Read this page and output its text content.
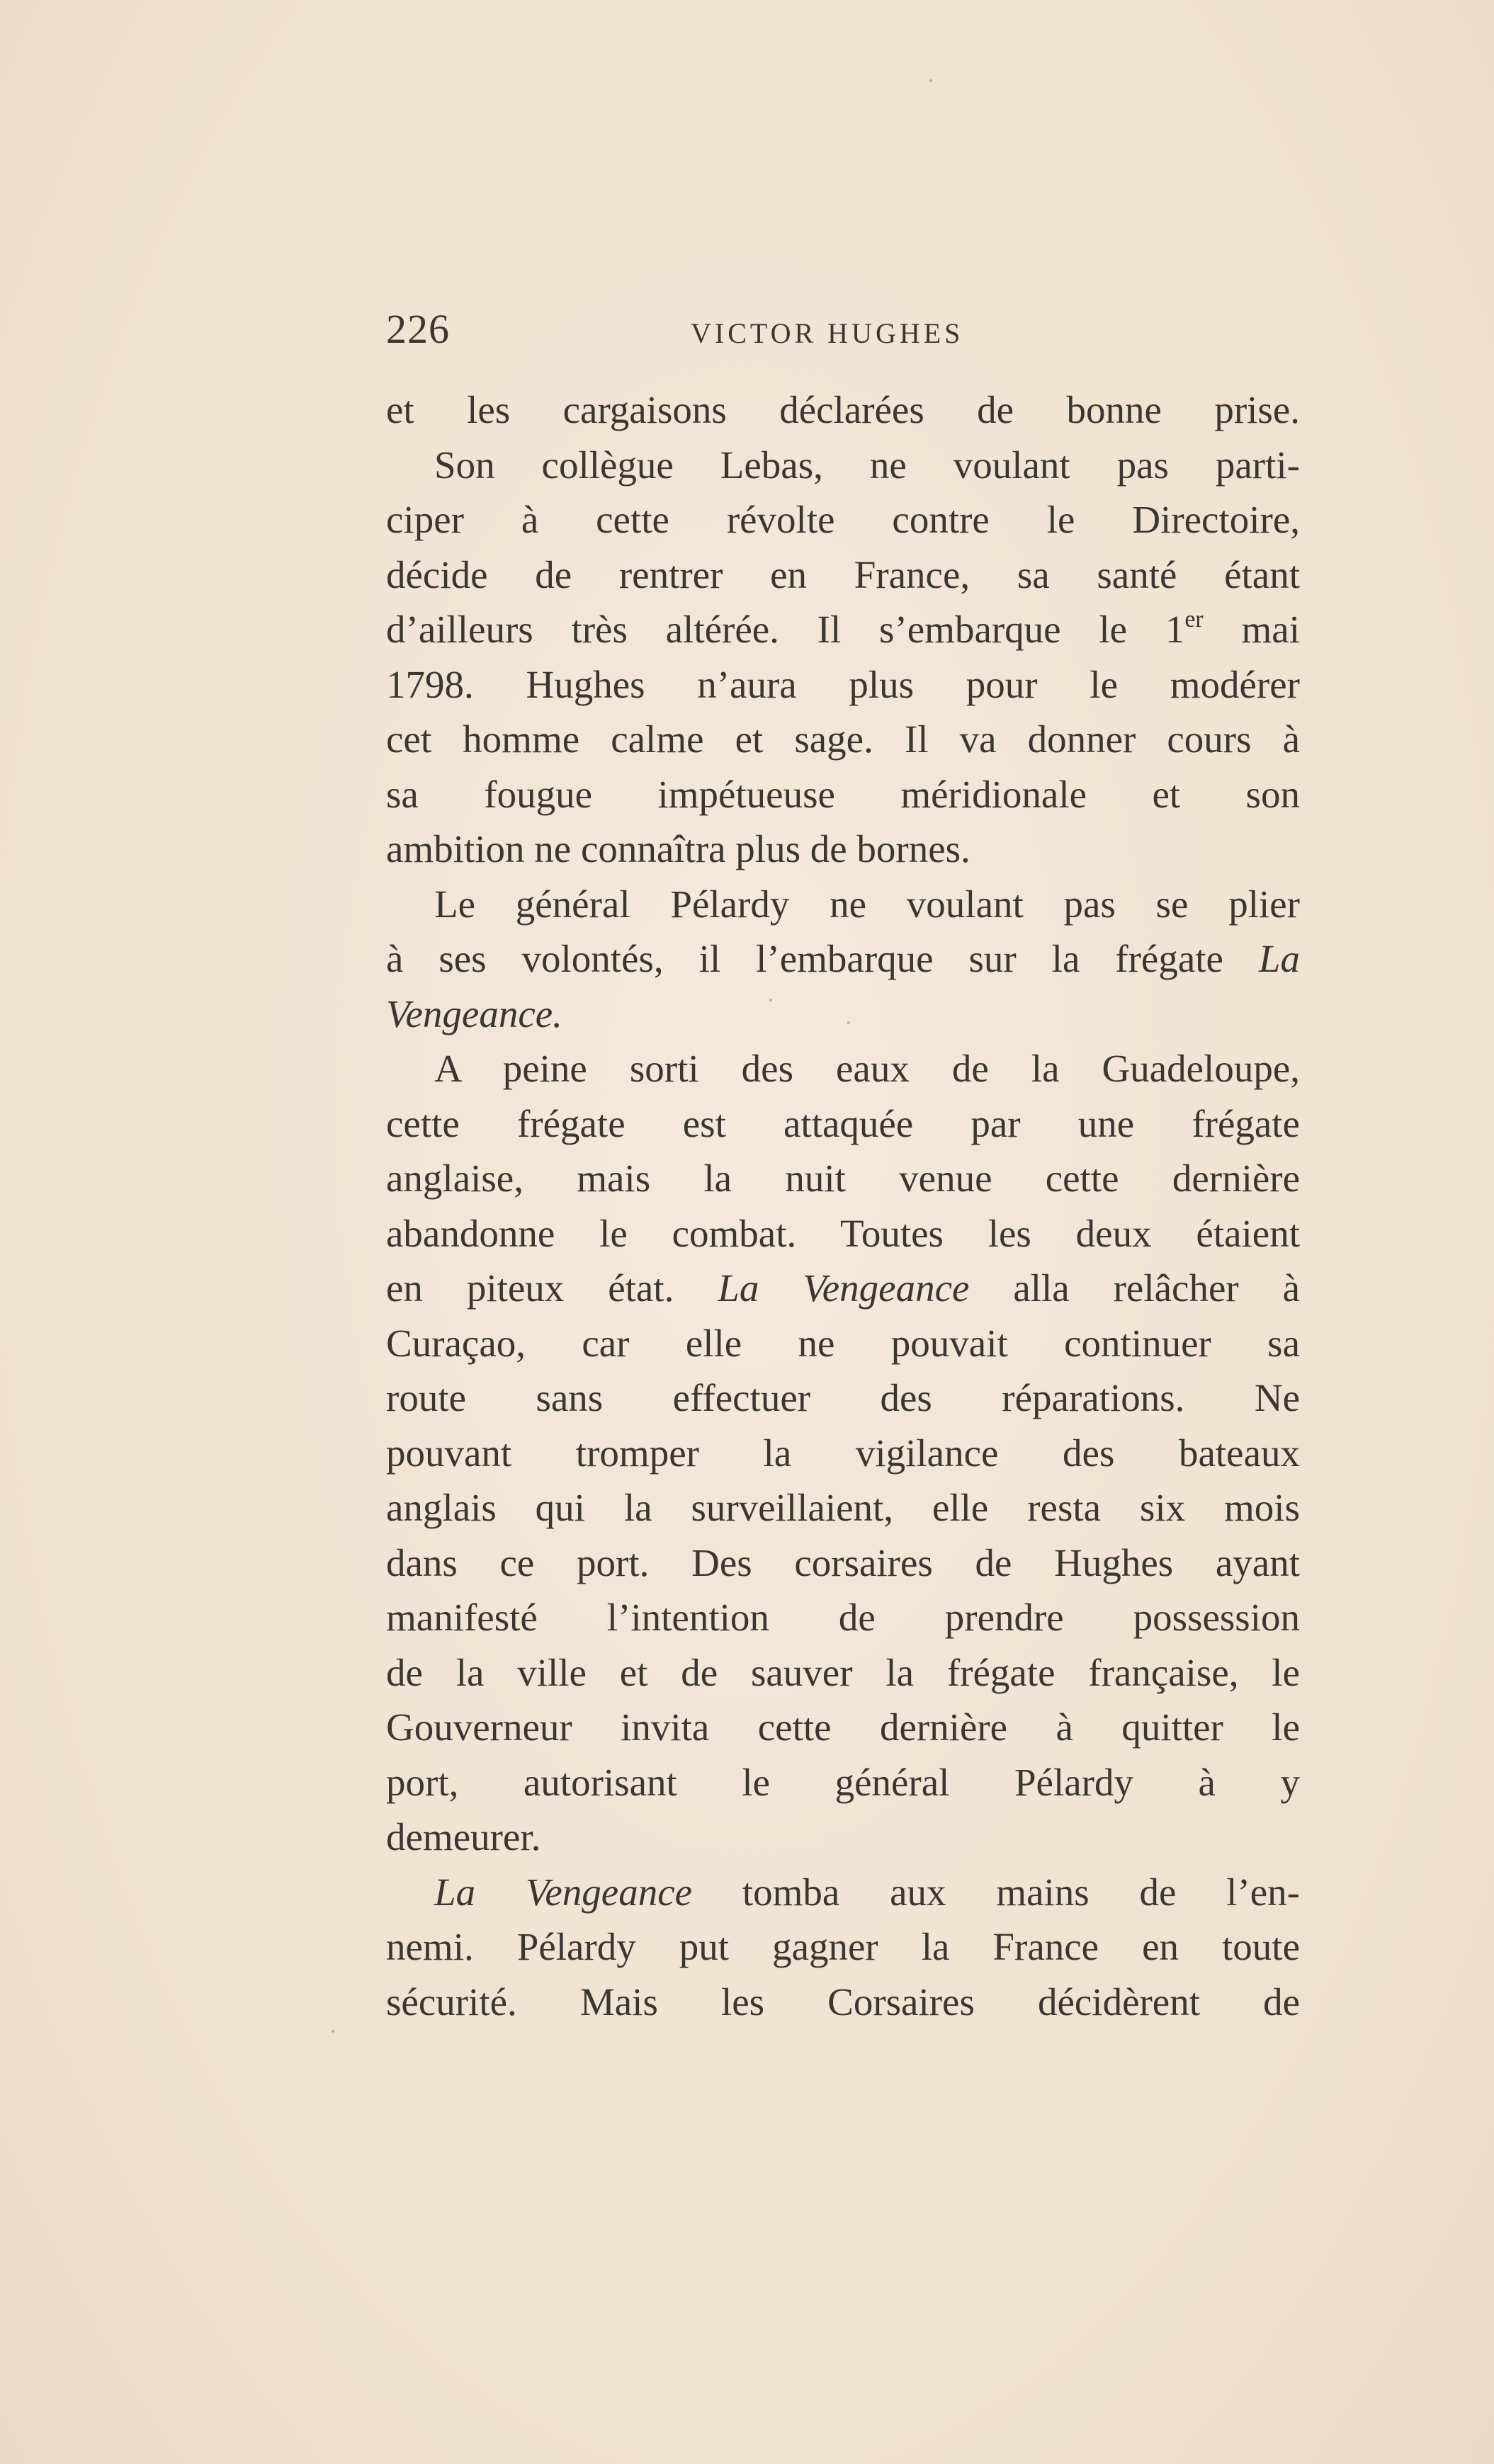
226	VICTOR HUGHES

et les cargaisons déclarées de bonne prise.

Son collègue Lebas, ne voulant pas parti-
ciper à cette révolte contre le Directoire,
décide de rentrer en France, sa santé étant
d’ailleurs très altérée. Il s’embarque le 1er mai
1798. Hughes n’aura plus pour le modérer
cet homme calme et sage. Il va donner cours à
sa fougue impétueuse méridionale et son
ambition ne connaîtra plus de bornes.

Le général Pélardy ne voulant pas se plier
à ses volontés, il l’embarque sur la frégate La
Vengeance.

A peine sorti des eaux de la Guadeloupe,
cette frégate est attaquée par une frégate
anglaise, mais la nuit venue cette dernière
abandonne le combat. Toutes les deux étaient
en piteux état. La Vengeance alla relâcher à
Curaçao, car elle ne pouvait continuer sa
route sans effectuer des réparations. Ne
pouvant tromper la vigilance des bateaux
anglais qui la surveillaient, elle resta six mois
dans ce port. Des corsaires de Hughes ayant
manifesté l’intention de prendre possession
de la ville et de sauver la frégate française, le
Gouverneur invita cette dernière à quitter le
port, autorisant le général Pélardy à y
demeurer.

La Vengeance tomba aux mains de l’en-
nemi. Pélardy put gagner la France en toute
sécurité. Mais les Corsaires décidèrent de
